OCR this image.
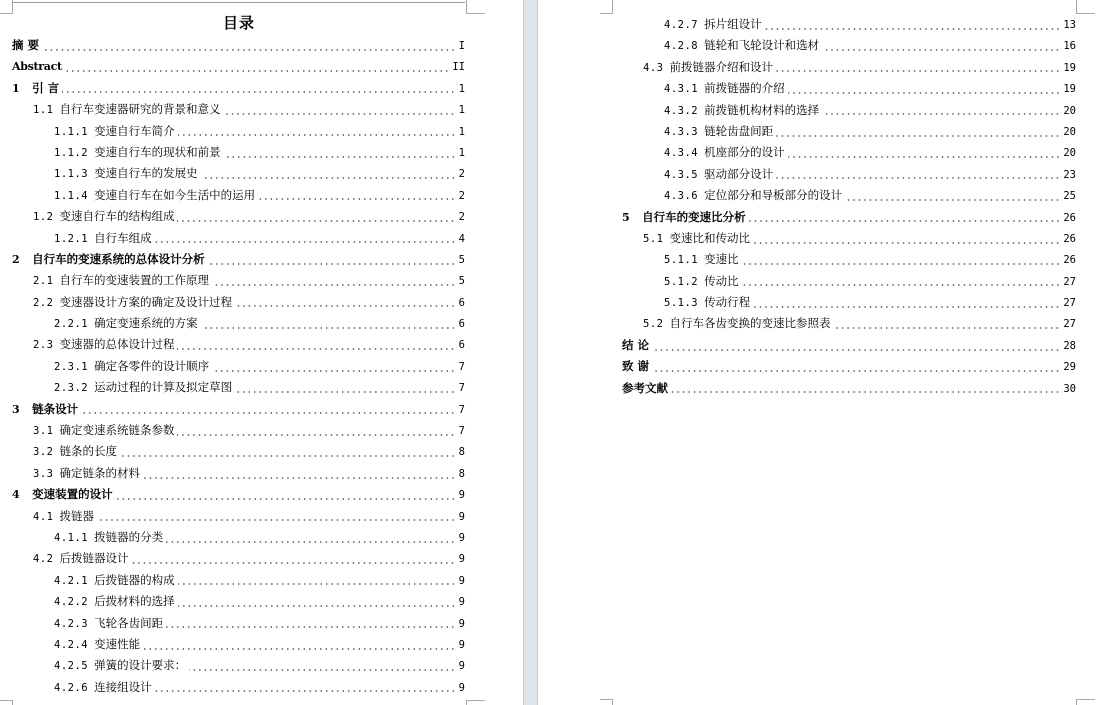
目录
摘 要	I
Abstract	II
1 引 言	1
1.1 自行车变速器研究的背景和意义	1
1.1.1 变速自行车简介	1
1.1.2 变速自行车的现状和前景	1
1.1.3 变速自行车的发展史	2
1.1.4 变速自行车在如今生活中的运用	2
1.2 变速自行车的结构组成	2
1.2.1 自行车组成	4
2 自行车的变速系统的总体设计分析	5
2.1 自行车的变速装置的工作原理	5
2.2 变速器设计方案的确定及设计过程	6
2.2.1 确定变速系统的方案	6
2.3 变速器的总体设计过程	6
2.3.1 确定各零件的设计顺序	7
2.3.2 运动过程的计算及拟定草图	7
3 链条设计	7
3.1 确定变速系统链条参数	7
3.2 链条的长度	8
3.3 确定链条的材料	8
4 变速装置的设计	9
4.1 拨链器	9
4.1.1 拨链器的分类	9
4.2 后拨链器设计	9
4.2.1 后拨链器的构成	9
4.2.2 后拨材料的选择	9
4.2.3 飞轮各齿间距	9
4.2.4 变速性能	9
4.2.5 弹簧的设计要求：	9
4.2.6 连接组设计	9
4.2.7 拆片组设计	13
4.2.8 链轮和飞轮设计和选材	16
4.3 前拨链器介绍和设计	19
4.3.1 前拨链器的介绍	19
4.3.2 前拨链机构材料的选择	20
4.3.3 链轮齿盘间距	20
4.3.4 机座部分的设计	20
4.3.5 驱动部分设计	23
4.3.6 定位部分和导板部分的设计	25
5 自行车的变速比分析	26
5.1 变速比和传动比	26
5.1.1 变速比	26
5.1.2 传动比	27
5.1.3 传动行程	27
5.2 自行车各齿变换的变速比参照表	27
结 论	28
致 谢	29
参考文献	30
